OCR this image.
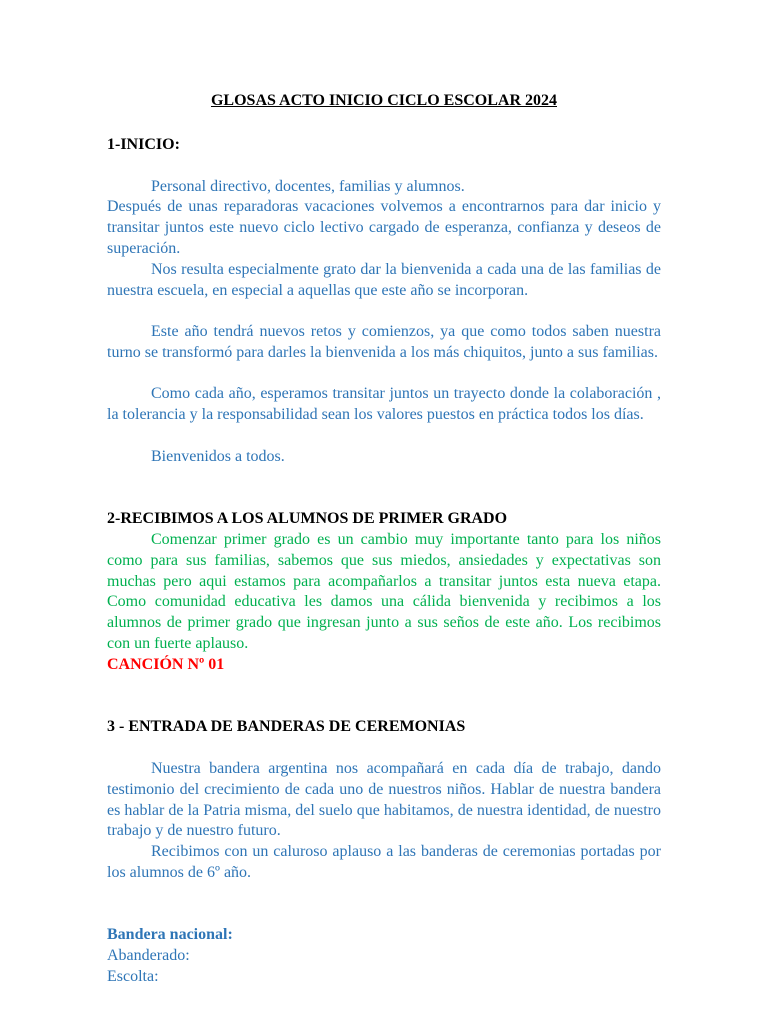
GLOSAS ACTO INICIO CICLO ESCOLAR 2024
1-INICIO:

Personal directivo, docentes, familias y alumnos.

Después de unas reparadoras vacaciones volvemos a encontrarnos para dar inicio y transitar juntos este nuevo ciclo lectivo cargado de esperanza, confianza y deseos de superación.

Nos resulta especialmente grato dar la bienvenida a cada una de las familias de nuestra escuela, en especial a aquellas que este año se incorporan.

Este año tendrá nuevos retos y comienzos, ya que como todos saben nuestra turno se transformó para darles la bienvenida a los más chiquitos, junto a sus familias.

Como cada año, esperamos transitar juntos un trayecto donde la colaboración , la tolerancia y la responsabilidad sean los valores puestos en práctica todos los días.

Bienvenidos a todos.

2-RECIBIMOS A LOS ALUMNOS DE PRIMER GRADO

Comenzar primer grado es un cambio muy importante tanto para los niños como para sus familias, sabemos que sus miedos, ansiedades y expectativas son muchas pero aqui estamos para acompañarlos a transitar juntos esta nueva etapa. Como comunidad educativa les damos una cálida bienvenida y recibimos a los alumnos de primer grado que ingresan junto a sus seños de este año. Los recibimos con un fuerte aplauso.

CANCIÓN Nº 01
3 - ENTRADA DE BANDERAS DE CEREMONIAS

Nuestra bandera argentina nos acompañará en cada día de trabajo, dando testimonio del crecimiento de cada uno de nuestros niños. Hablar de nuestra bandera es hablar de la Patria misma, del suelo que habitamos, de nuestra identidad, de nuestro trabajo y de nuestro futuro.

Recibimos con un caluroso aplauso a las banderas de ceremonias portadas por los alumnos de 6º año.

Bandera nacional:
Abanderado:
Escolta:
